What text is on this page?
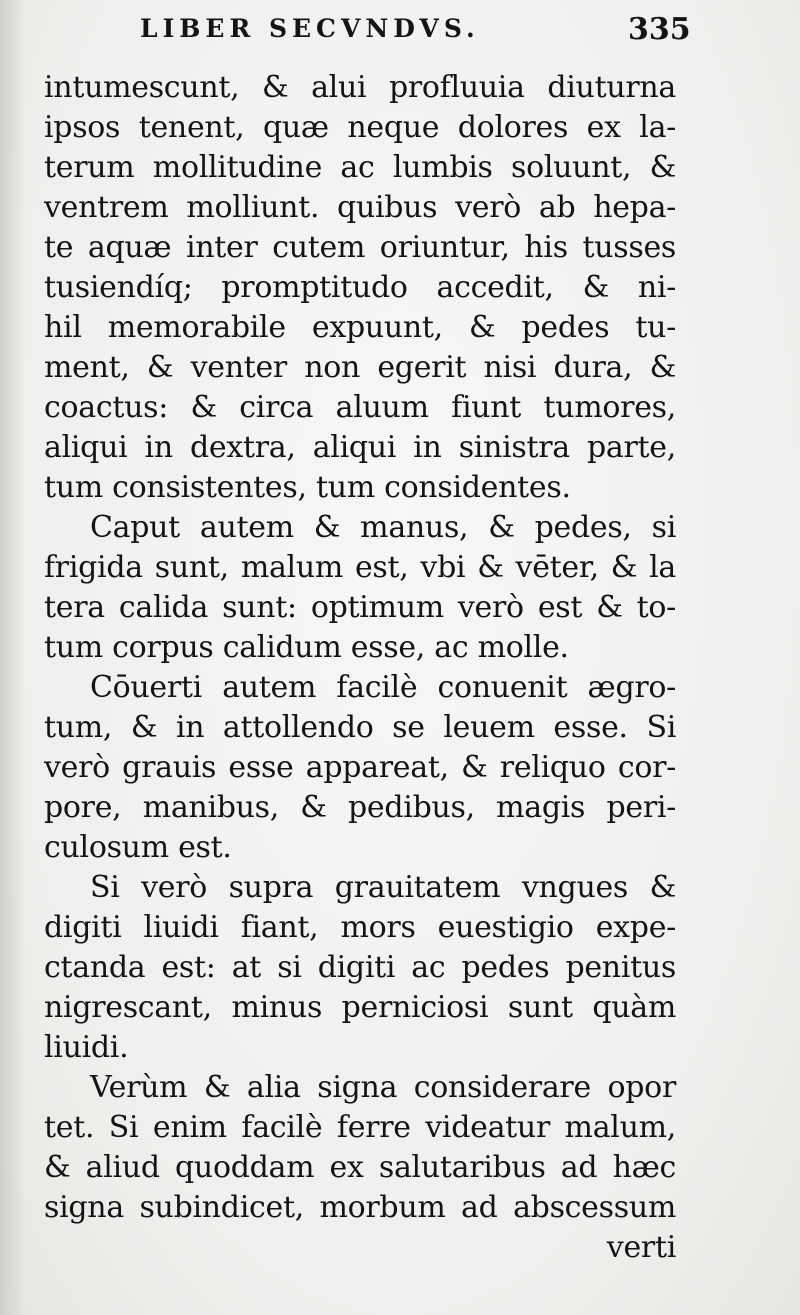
LIBER SECVNDVS.	335
intumescunt, & alui profluuia diuturna
ipsos tenent, quæ neque dolores ex la-
terum mollitudine ac lumbis soluunt, &
ventrem molliunt. quibus verò ab hepa-
te aquæ inter cutem oriuntur, his tusses
tusiendíq; promptitudo accedit, & ni-
hil memorabile expuunt, & pedes tu-
ment, & venter non egerit nisi dura, &
coactus: & circa aluum fiunt tumores,
aliqui in dextra, aliqui in sinistra parte,
tum consistentes, tum considentes.
Caput autem & manus, & pedes, si
frigida sunt, malum est, vbi & vēter, & la
tera calida sunt: optimum verò est & to-
tum corpus calidum esse, ac molle.
Cōuerti autem facilè conuenit ægro-
tum, & in attollendo se leuem esse. Si
verò grauis esse appareat, & reliquo cor-
pore, manibus, & pedibus, magis peri-
culosum est.
Si verò supra grauitatem vngues &
digiti liuidi fiant, mors euestigio expe-
ctanda est: at si digiti ac pedes penitus
nigrescant, minus perniciosi sunt quàm
liuidi.
Verùm & alia signa considerare opor
tet. Si enim facilè ferre videatur malum,
& aliud quoddam ex salutaribus ad hæc
signa subindicet, morbum ad abscessum
verti
